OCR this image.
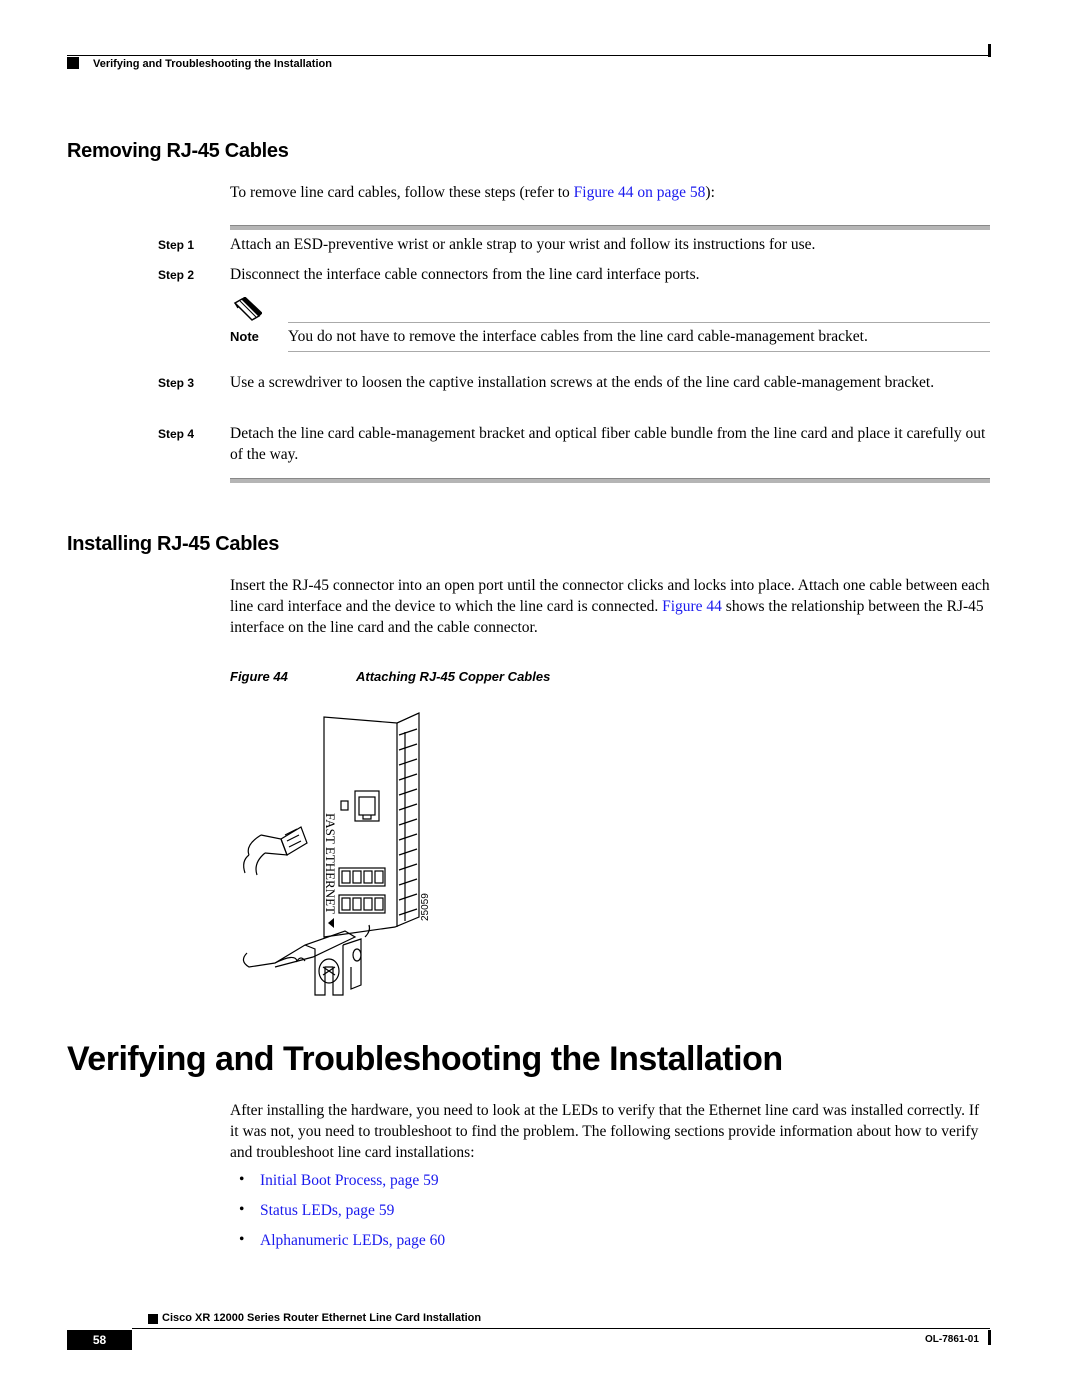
Verifying and Troubleshooting the Installation
Removing RJ-45 Cables
To remove line card cables, follow these steps (refer to Figure 44 on page 58):
Step 1 Attach an ESD-preventive wrist or ankle strap to your wrist and follow its instructions for use.
Step 2 Disconnect the interface cable connectors from the line card interface ports.
Note You do not have to remove the interface cables from the line card cable-management bracket.
Step 3 Use a screwdriver to loosen the captive installation screws at the ends of the line card cable-management bracket.
Step 4 Detach the line card cable-management bracket and optical fiber cable bundle from the line card and place it carefully out of the way.
Installing RJ-45 Cables
Insert the RJ-45 connector into an open port until the connector clicks and locks into place. Attach one cable between each line card interface and the device to which the line card is connected. Figure 44 shows the relationship between the RJ-45 interface on the line card and the cable connector.
Figure 44	Attaching RJ-45 Copper Cables
FAST ETHERNET	25059
Verifying and Troubleshooting the Installation
After installing the hardware, you need to look at the LEDs to verify that the Ethernet line card was installed correctly. If it was not, you need to troubleshoot to find the problem. The following sections provide information about how to verify and troubleshoot line card installations:
• Initial Boot Process, page 59
• Status LEDs, page 59
• Alphanumeric LEDs, page 60
Cisco XR 12000 Series Router Ethernet Line Card Installation
58	OL-7861-01
